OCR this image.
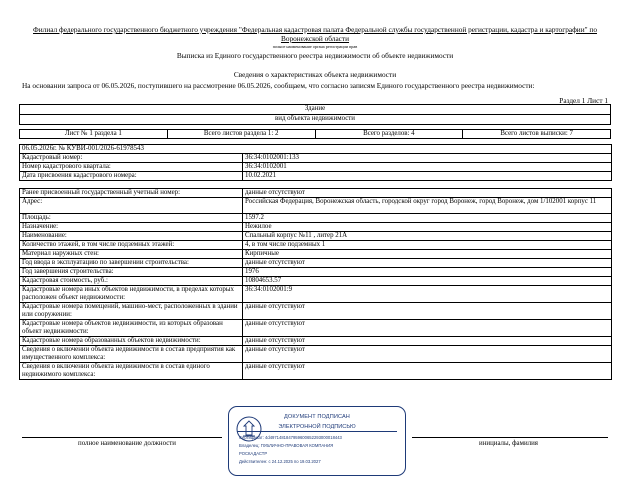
Филиал федерального государственного бюджетного учреждения "Федеральная кадастровая палата Федеральной службы государственной регистрации, кадастра и картографии" по Воронежской области
полное наименование органа регистрации прав
Выписка из Единого государственного реестра недвижимости об объекте недвижимости
Сведения о характеристиках объекта недвижимости
На основании запроса от 06.05.2026, поступившего на рассмотрение 06.05.2026, сообщаем, что согласно записям Единого государственного реестра недвижимости:
Раздел 1 Лист 1
Здание
вид объекта недвижимости
Лист № 1 раздела 1	Всего листов раздела 1: 2	Всего разделов: 4	Всего листов выписки: 7
06.05.2026г. № КУВИ-001/2026-61978543	
Кадастровый номер:	36:34:0102001:133
Номер кадастрового квартала:	36:34:0102001
Дата присвоения кадастрового номера:	10.02.2021
Ранее присвоенный государственный учетный номер:	данные отсутствуют
Адрес:	Российская Федерация, Воронежская область, городской округ город Воронеж, город Воронеж, дом 1/102001 корпус 11
Площадь:	1597.2
Назначение:	Нежилое
Наименование:	Спальный корпус №11 , литер 21А
Количество этажей, в том числе подземных этажей:	4, в том числе подземных 1
Материал наружных стен:	Кирпичные
Год ввода в эксплуатацию по завершении строительства:	данные отсутствуют
Год завершения строительства:	1976
Кадастровая стоимость, руб.:	10804653.57
Кадастровые номера иных объектов недвижимости, в пределах которых расположен объект недвижимости:	36:34:0102001:9
Кадастровые номера помещений, машино-мест, расположенных в здании или сооружении:	данные отсутствуют
Кадастровые номера объектов недвижимости, из которых образован объект недвижимости:	данные отсутствуют
Кадастровые номера образованных объектов недвижимости:	данные отсутствуют
Сведения о включении объекта недвижимости в состав предприятия как имущественного комплекса:	данные отсутствуют
Сведения о включении объекта недвижимости в состав единого недвижимого комплекса:	данные отсутствуют
полное наименование должности	инициалы, фамилия
ДОКУМЕНТ ПОДПИСАН
ЭЛЕКТРОННОЙ ПОДПИСЬЮ
Сертификат: 4d4971481847959600652293000018443
Владелец: ПУБЛИЧНО-ПРАВОВАЯ КОМПАНИЯ
РОСКАДАСТР
Действителен: с 24.12.2025 по 19.03.2027
